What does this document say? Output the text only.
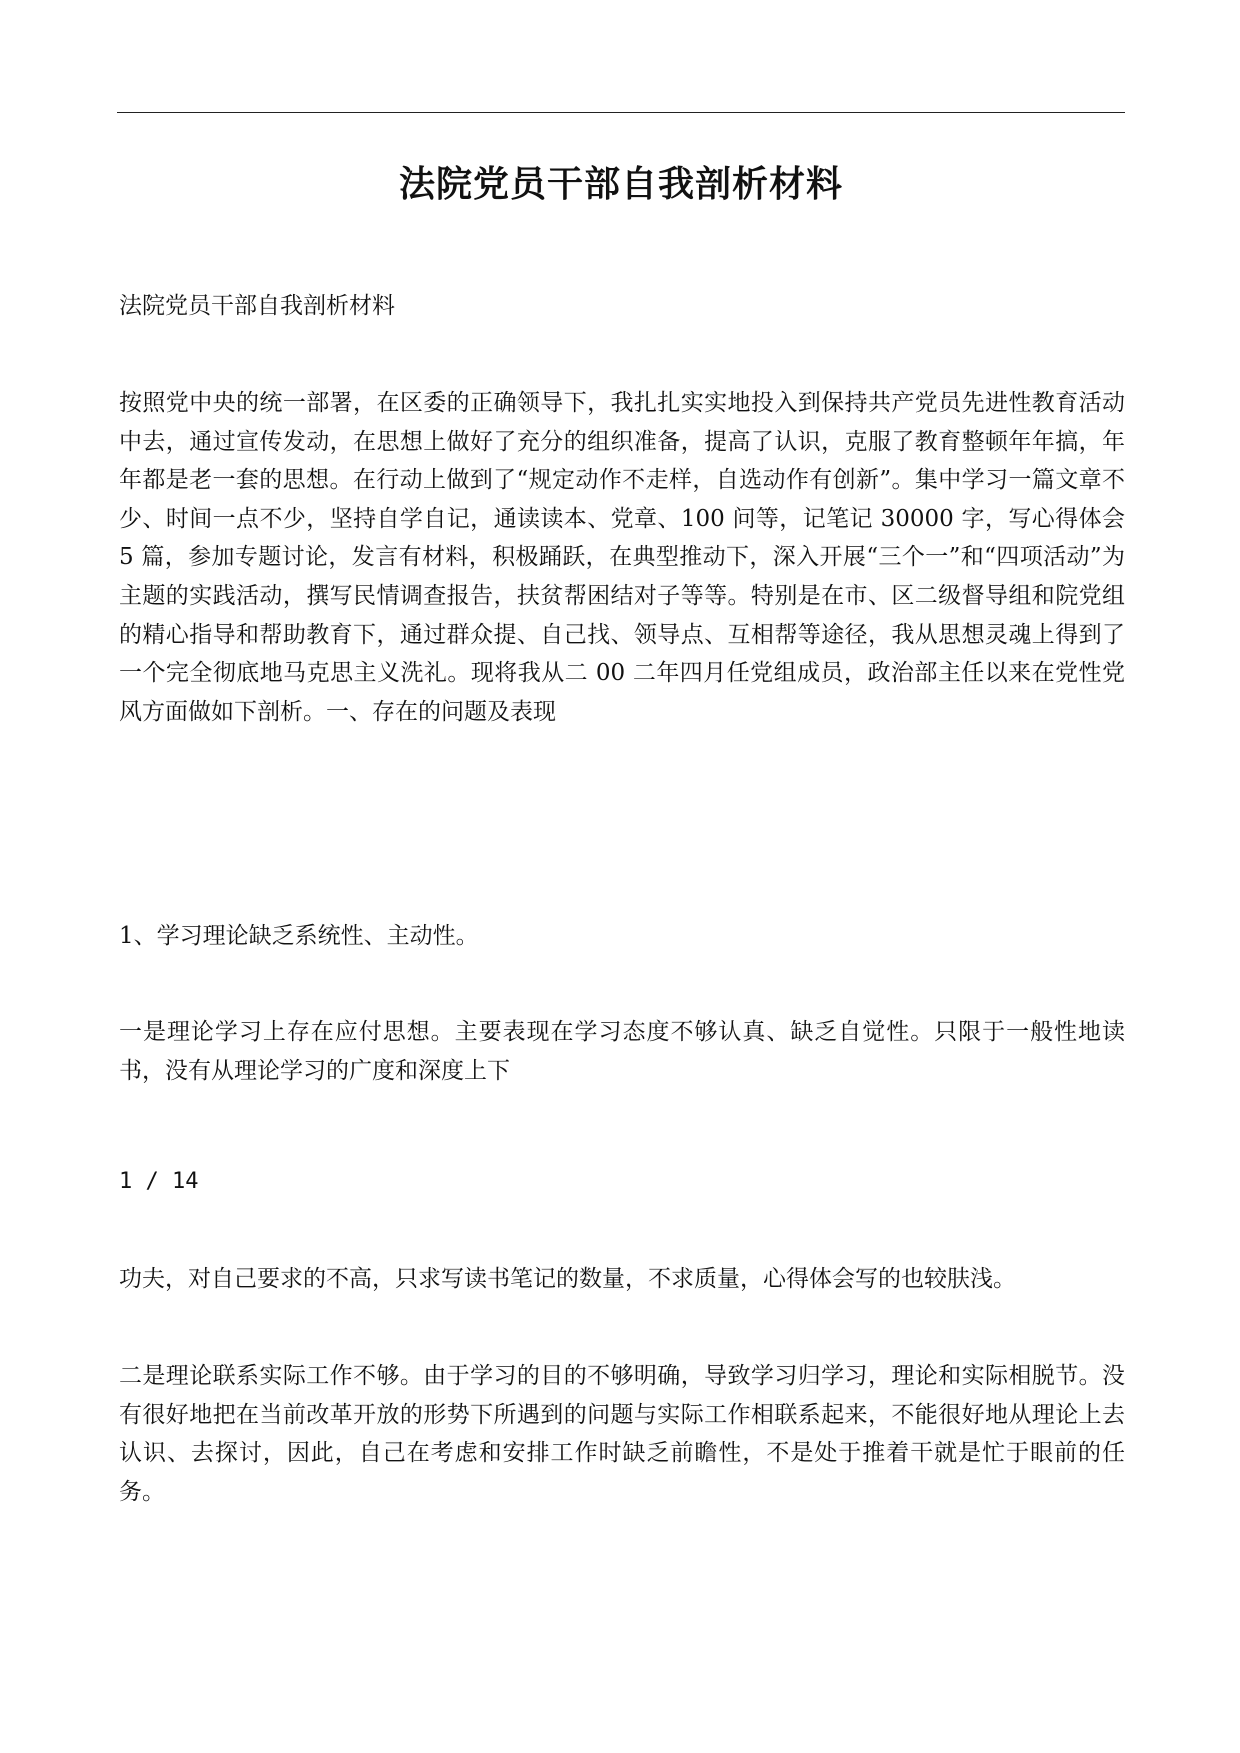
法院党员干部自我剖析材料

法院党员干部自我剖析材料

按照党中央的统一部署，在区委的正确领导下，我扎扎实实地投入到保持共产党员先进性教育活动中去，通过宣传发动，在思想上做好了充分的组织准备，提高了认识，克服了教育整顿年年搞，年年都是老一套的思想。在行动上做到了“规定动作不走样，自选动作有创新”。集中学习一篇文章不少、时间一点不少，坚持自学自记，通读读本、党章、100 问等，记笔记 30000 字，写心得体会 5 篇，参加专题讨论，发言有材料，积极踊跃，在典型推动下，深入开展“三个一”和“四项活动”为主题的实践活动，撰写民情调查报告，扶贫帮困结对子等等。特别是在市、区二级督导组和院党组的精心指导和帮助教育下，通过群众提、自己找、领导点、互相帮等途径，我从思想灵魂上得到了一个完全彻底地马克思主义洗礼。现将我从二 00 二年四月任党组成员，政治部主任以来在党性党风方面做如下剖析。一、存在的问题及表现

1、学习理论缺乏系统性、主动性。

一是理论学习上存在应付思想。主要表现在学习态度不够认真、缺乏自觉性。只限于一般性地读书，没有从理论学习的广度和深度上下

1 / 14

功夫，对自己要求的不高，只求写读书笔记的数量，不求质量，心得体会写的也较肤浅。

二是理论联系实际工作不够。由于学习的目的不够明确，导致学习归学习，理论和实际相脱节。没有很好地把在当前改革开放的形势下所遇到的问题与实际工作相联系起来，不能很好地从理论上去认识、去探讨，因此，自己在考虑和安排工作时缺乏前瞻性，不是处于推着干就是忙于眼前的任务。
